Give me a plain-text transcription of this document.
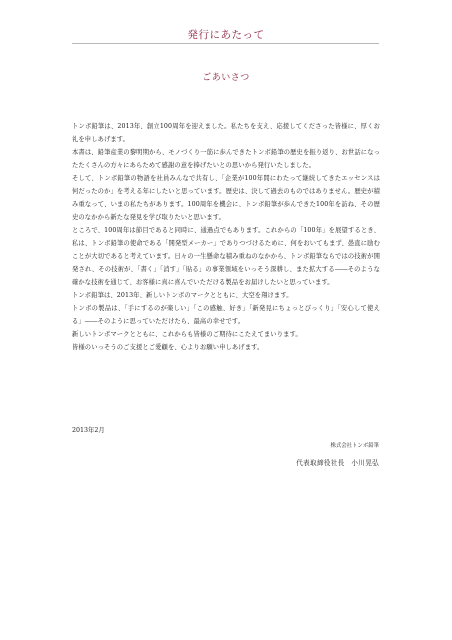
発行にあたって
ごあいさつ

トンボ鉛筆は、2013年、創立100周年を迎えました。私たちを支え、応援してくださった皆様に、厚くお礼を申しあげます。

本書は、鉛筆産業の黎明期から、モノづくり一筋に歩んできたトンボ鉛筆の歴史を振り返り、お世話になったたくさんの方々にあらためて感謝の意を捧げたいとの思いから発行いたしました。

そして、トンボ鉛筆の物語を社員みんなで共有し、「企業が100年間にわたって継続してきたエッセンスは何だったのか」を考える年にしたいと思っています。歴史は、決して過去のものではありません。歴史が積み重なって、いまの私たちがあります。100周年を機会に、トンボ鉛筆が歩んできた100年を訪ね、その歴史のなかから新たな発見を学び取りたいと思います。

ところで、100周年は節目であると同時に、通過点でもあります。これからの「100年」を展望するとき、私は、トンボ鉛筆の使命である「開発型メーカー」でありつづけるために、何をおいてもまず、愚直に励むことが大切であると考えています。日々の一生懸命な積み重ねのなかから、トンボ鉛筆ならではの技術が開発され、その技術が、「書く」「消す」「貼る」の事業領域をいっそう深耕し、また拡大する――そのような確かな技術を通じて、お客様に真に喜んでいただける製品をお届けしたいと思っています。

トンボ鉛筆は、2013年、新しいトンボのマークとともに、大空を翔けます。

トンボの製品は、「手にするのが楽しい」「この感触、好き」「新発見にちょっとびっくり」「安心して使える」――そのように思っていただけたら、最高の幸せです。

新しいトンボマークとともに、これからも皆様のご期待にこたえてまいります。

皆様のいっそうのご支援とご愛顧を、心よりお願い申しあげます。

2013年2月
株式会社トンボ鉛筆
代表取締役社長　小川晃弘
